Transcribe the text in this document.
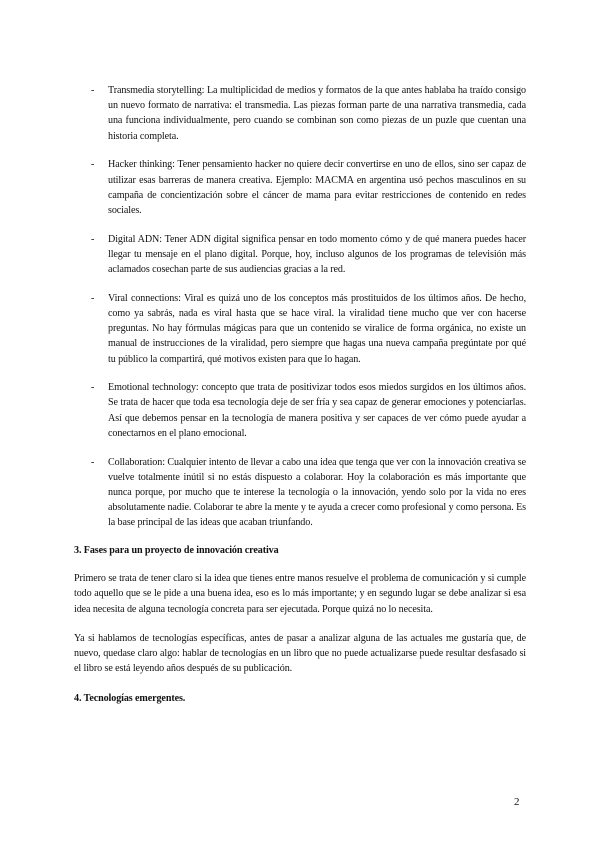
- Transmedia storytelling: La multiplicidad de medios y formatos de la que antes hablaba ha traído consigo un nuevo formato de narrativa: el transmedia. Las piezas forman parte de una narrativa transmedia, cada una funciona individualmente, pero cuando se combinan son como piezas de un puzle que cuentan una historia completa.
- Hacker thinking: Tener pensamiento hacker no quiere decir convertirse en uno de ellos, sino ser capaz de utilizar esas barreras de manera creativa. Ejemplo: MACMA en argentina usó pechos masculinos en su campaña de concientización sobre el cáncer de mama para evitar restricciones de contenido en redes sociales.
- Digital ADN: Tener ADN digital significa pensar en todo momento cómo y de qué manera puedes hacer llegar tu mensaje en el plano digital. Porque, hoy, incluso algunos de los programas de televisión más aclamados cosechan parte de sus audiencias gracias a la red.
- Viral connections: Viral es quizá uno de los conceptos más prostituidos de los últimos años. De hecho, como ya sabrás, nada es viral hasta que se hace viral. la viralidad tiene mucho que ver con hacerse preguntas. No hay fórmulas mágicas para que un contenido se viralice de forma orgánica, no existe un manual de instrucciones de la viralidad, pero siempre que hagas una nueva campaña pregúntate por qué tu público la compartirá, qué motivos existen para que lo hagan.
- Emotional technology: concepto que trata de positivizar todos esos miedos surgidos en los últimos años. Se trata de hacer que toda esa tecnología deje de ser fría y sea capaz de generar emociones y potenciarlas. Así que debemos pensar en la tecnología de manera positiva y ser capaces de ver cómo puede ayudar a conectarnos en el plano emocional.
- Collaboration: Cualquier intento de llevar a cabo una idea que tenga que ver con la innovación creativa se vuelve totalmente inútil si no estás dispuesto a colaborar. Hoy la colaboración es más importante que nunca porque, por mucho que te interese la tecnología o la innovación, yendo solo por la vida no eres absolutamente nadie. Colaborar te abre la mente y te ayuda a crecer como profesional y como persona. Es la base principal de las ideas que acaban triunfando.
3. Fases para un proyecto de innovación creativa

Primero se trata de tener claro si la idea que tienes entre manos resuelve el problema de comunicación y si cumple todo aquello que se le pide a una buena idea, eso es lo más importante; y en segundo lugar se debe analizar si esa idea necesita de alguna tecnología concreta para ser ejecutada. Porque quizá no lo necesita.

Ya si hablamos de tecnologías específicas, antes de pasar a analizar alguna de las actuales me gustaría que, de nuevo, quedase claro algo: hablar de tecnologías en un libro que no puede actualizarse puede resultar desfasado si el libro se está leyendo años después de su publicación.

4. Tecnologías emergentes.
2
